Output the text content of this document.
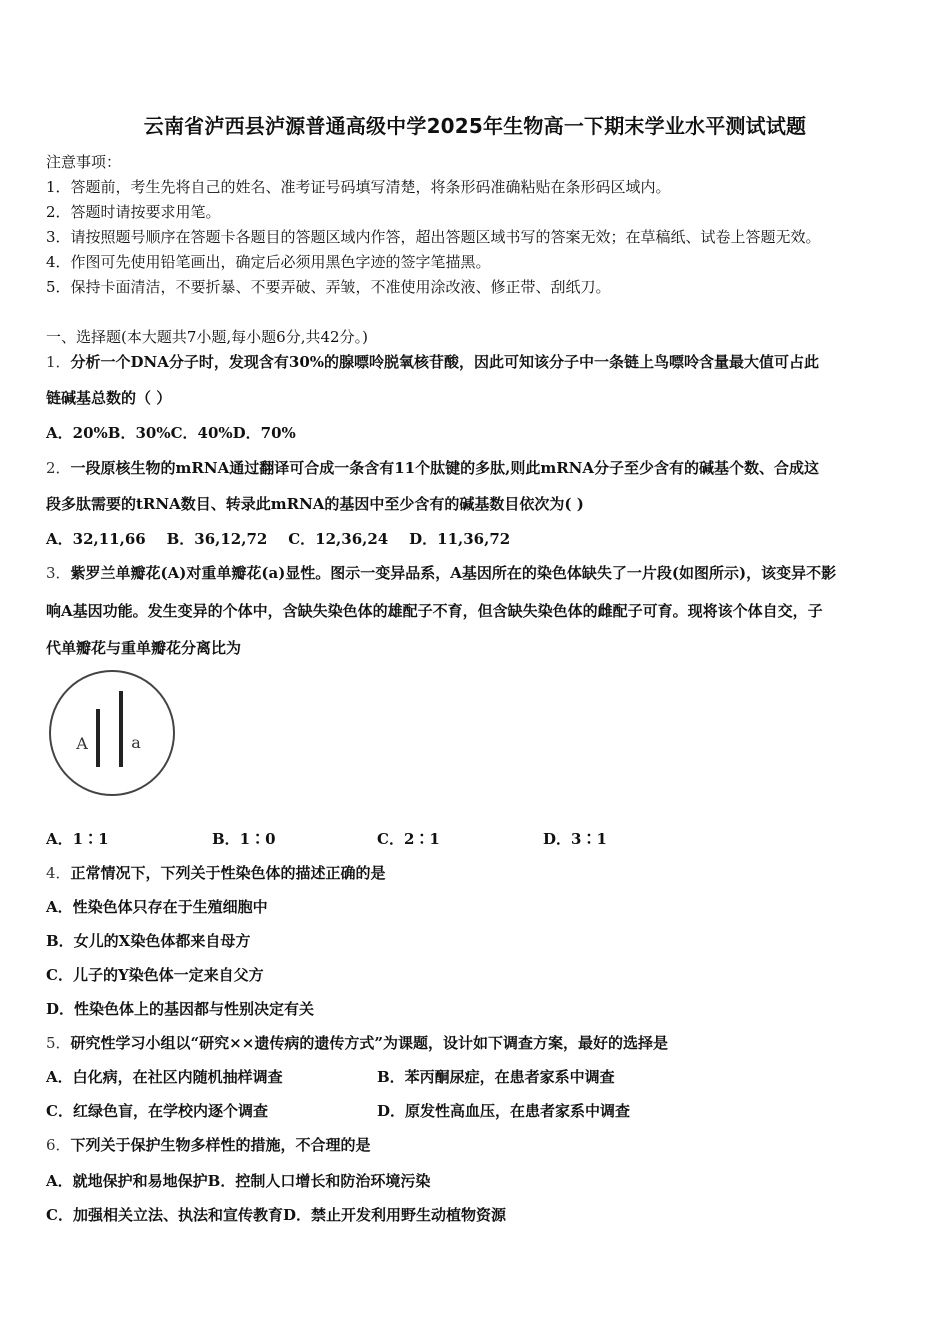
云南省泸西县泸源普通高级中学2025年生物高一下期末学业水平测试试题
注意事项：
1．答题前，考生先将自己的姓名、准考证号码填写清楚，将条形码准确粘贴在条形码区域内。
2．答题时请按要求用笔。
3．请按照题号顺序在答题卡各题目的答题区域内作答，超出答题区域书写的答案无效；在草稿纸、试卷上答题无效。
4．作图可先使用铅笔画出，确定后必须用黑色字迹的签字笔描黑。
5．保持卡面清洁，不要折暴、不要弄破、弄皱，不准使用涂改液、修正带、刮纸刀。
一、选择题(本大题共7小题,每小题6分,共42分。)
1．分析一个DNA分子时，发现含有30%的腺嘌呤脱氧核苷酸，因此可知该分子中一条链上鸟嘌呤含量最大值可占此
链碱基总数的（ ）
A．20%B．30%C．40%D．70%
2．一段原核生物的mRNA通过翻译可合成一条含有11个肽键的多肽,则此mRNA分子至少含有的碱基个数、合成这
段多肽需要的tRNA数目、转录此mRNA的基因中至少含有的碱基数目依次为( )
A．32,11,66    B．36,12,72    C．12,36,24    D．11,36,72
3．紫罗兰单瓣花(A)对重单瓣花(a)显性。图示一变异品系，A基因所在的染色体缺失了一片段(如图所示)，该变异不影
响A基因功能。发生变异的个体中，含缺失染色体的雄配子不育，但含缺失染色体的雌配子可育。现将该个体自交，子
代单瓣花与重单瓣花分离比为
A	a
A．1∶1	B．1∶0	C．2∶1	D．3∶1
4．正常情况下，下列关于性染色体的描述正确的是
A．性染色体只存在于生殖细胞中
B．女儿的X染色体都来自母方
C．儿子的Y染色体一定来自父方
D．性染色体上的基因都与性别决定有关
5．研究性学习小组以“研究××遗传病的遗传方式”为课题，设计如下调查方案，最好的选择是
A．白化病，在社区内随机抽样调查	B．苯丙酮尿症，在患者家系中调查
C．红绿色盲，在学校内逐个调查	D．原发性高血压，在患者家系中调查
6．下列关于保护生物多样性的措施，不合理的是
A．就地保护和易地保护B．控制人口增长和防治环境污染
C．加强相关立法、执法和宣传教育D．禁止开发利用野生动植物资源
